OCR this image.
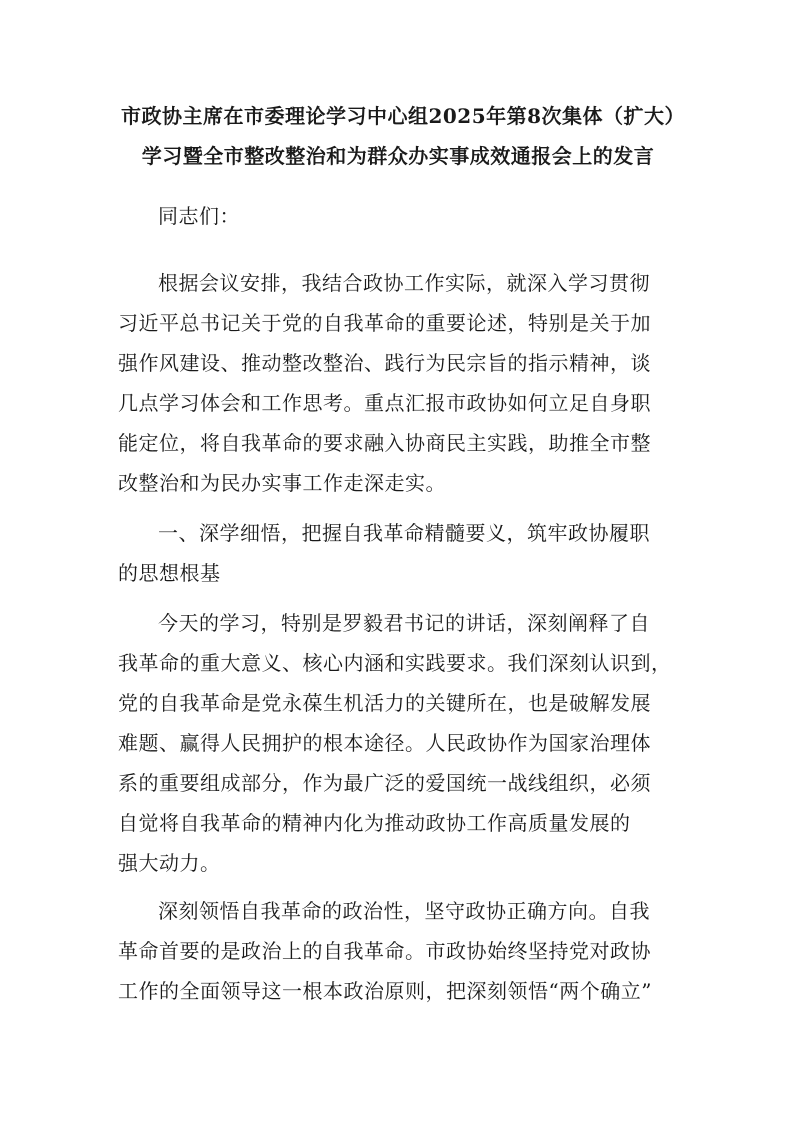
市政协主席在市委理论学习中心组2025年第8次集体（扩大）学习暨全市整改整治和为群众办实事成效通报会上的发言
同志们：
根据会议安排，我结合政协工作实际，就深入学习贯彻
习近平总书记关于党的自我革命的重要论述，特别是关于加
强作风建设、推动整改整治、践行为民宗旨的指示精神，谈
几点学习体会和工作思考。重点汇报市政协如何立足自身职
能定位，将自我革命的要求融入协商民主实践，助推全市整
改整治和为民办实事工作走深走实。
一、深学细悟，把握自我革命精髓要义，筑牢政协履职
的思想根基
今天的学习，特别是罗毅君书记的讲话，深刻阐释了自
我革命的重大意义、核心内涵和实践要求。我们深刻认识到，
党的自我革命是党永葆生机活力的关键所在，也是破解发展
难题、赢得人民拥护的根本途径。人民政协作为国家治理体
系的重要组成部分，作为最广泛的爱国统一战线组织，必须
自觉将自我革命的精神内化为推动政协工作高质量发展的
强大动力。
深刻领悟自我革命的政治性，坚守政协正确方向。自我
革命首要的是政治上的自我革命。市政协始终坚持党对政协
工作的全面领导这一根本政治原则，把深刻领悟“两个确立”
